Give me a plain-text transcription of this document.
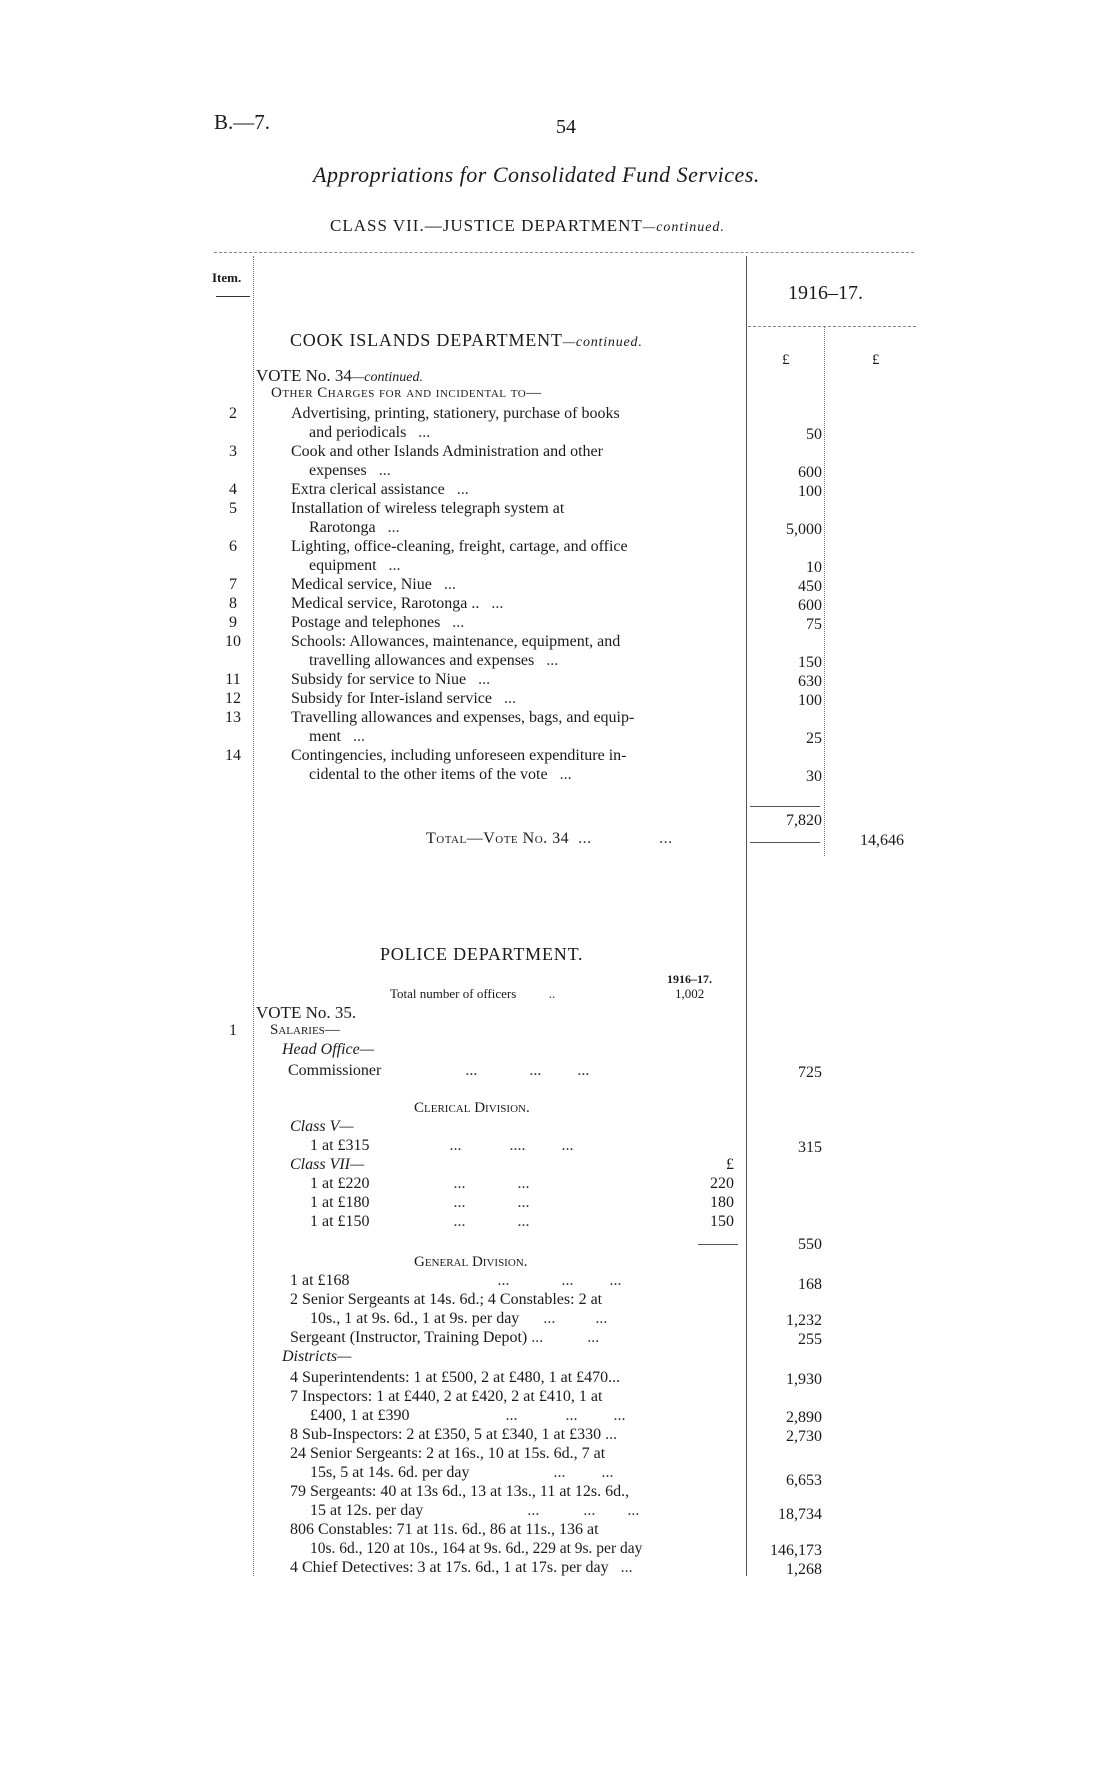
B.—7.	54
Appropriations for Consolidated Fund Services.
CLASS VII.—JUSTICE DEPARTMENT—continued.
Item.
1916–17.
£	£
COOK ISLANDS DEPARTMENT—continued.
VOTE No. 34—continued.
Other Charges for and incidental to—
2	Advertising, printing, stationery, purchase of books
and periodicals   ...	50
3	Cook and other Islands Administration and other
expenses   ...	600
4	Extra clerical assistance   ...	100
5	Installation of wireless telegraph system at
Rarotonga   ...	5,000
6	Lighting, office-cleaning, freight, cartage, and office
equipment   ...	10
7	Medical service, Niue   ...	450
8	Medical service, Rarotonga ..   ...	600
9	Postage and telephones   ...	75
10	Schools: Allowances, maintenance, equipment, and
travelling allowances and expenses   ...	150
11	Subsidy for service to Niue   ...	630
12	Subsidy for Inter-island service   ...	100
13	Travelling allowances and expenses, bags, and equip-
ment   ...	25
14	Contingencies, including unforeseen expenditure in-
cidental to the other items of the vote   ...	30
7,820
Total—Vote No. 34  ...               ...	14,646
POLICE DEPARTMENT.
1916–17.
Total number of officers          ..	1,002
VOTE No. 35.
1	Salaries—
Head Office—
Commissioner                     ...             ...         ...	725
Clerical Division.
Class V—
1 at £315                    ...            ....         ...	315
Class VII—	£
1 at £220                     ...             ...	220
1 at £180                     ...             ...	180
1 at £150                     ...             ...	150
550
General Division.
1 at £168                                     ...             ...         ...	168
2 Senior Sergeants at 14s. 6d.; 4 Constables: 2 at
10s., 1 at 9s. 6d., 1 at 9s. per day      ...          ...	1,232
Sergeant (Instructor, Training Depot) ...           ...	255
Districts—
4 Superintendents: 1 at £500, 2 at £480, 1 at £470...	1,930
7 Inspectors: 1 at £440, 2 at £420, 2 at £410, 1 at
£400, 1 at £390                        ...            ...         ...	2,890
8 Sub-Inspectors: 2 at £350, 5 at £340, 1 at £330 ...	2,730
24 Senior Sergeants: 2 at 16s., 10 at 15s. 6d., 7 at
15s, 5 at 14s. 6d. per day                     ...         ...	6,653
79 Sergeants: 40 at 13s 6d., 13 at 13s., 11 at 12s. 6d.,
15 at 12s. per day                          ...           ...        ...	18,734
806 Constables: 71 at 11s. 6d., 86 at 11s., 136 at
10s. 6d., 120 at 10s., 164 at 9s. 6d., 229 at 9s. per day	146,173
4 Chief Detectives: 3 at 17s. 6d., 1 at 17s. per day   ...	1,268
